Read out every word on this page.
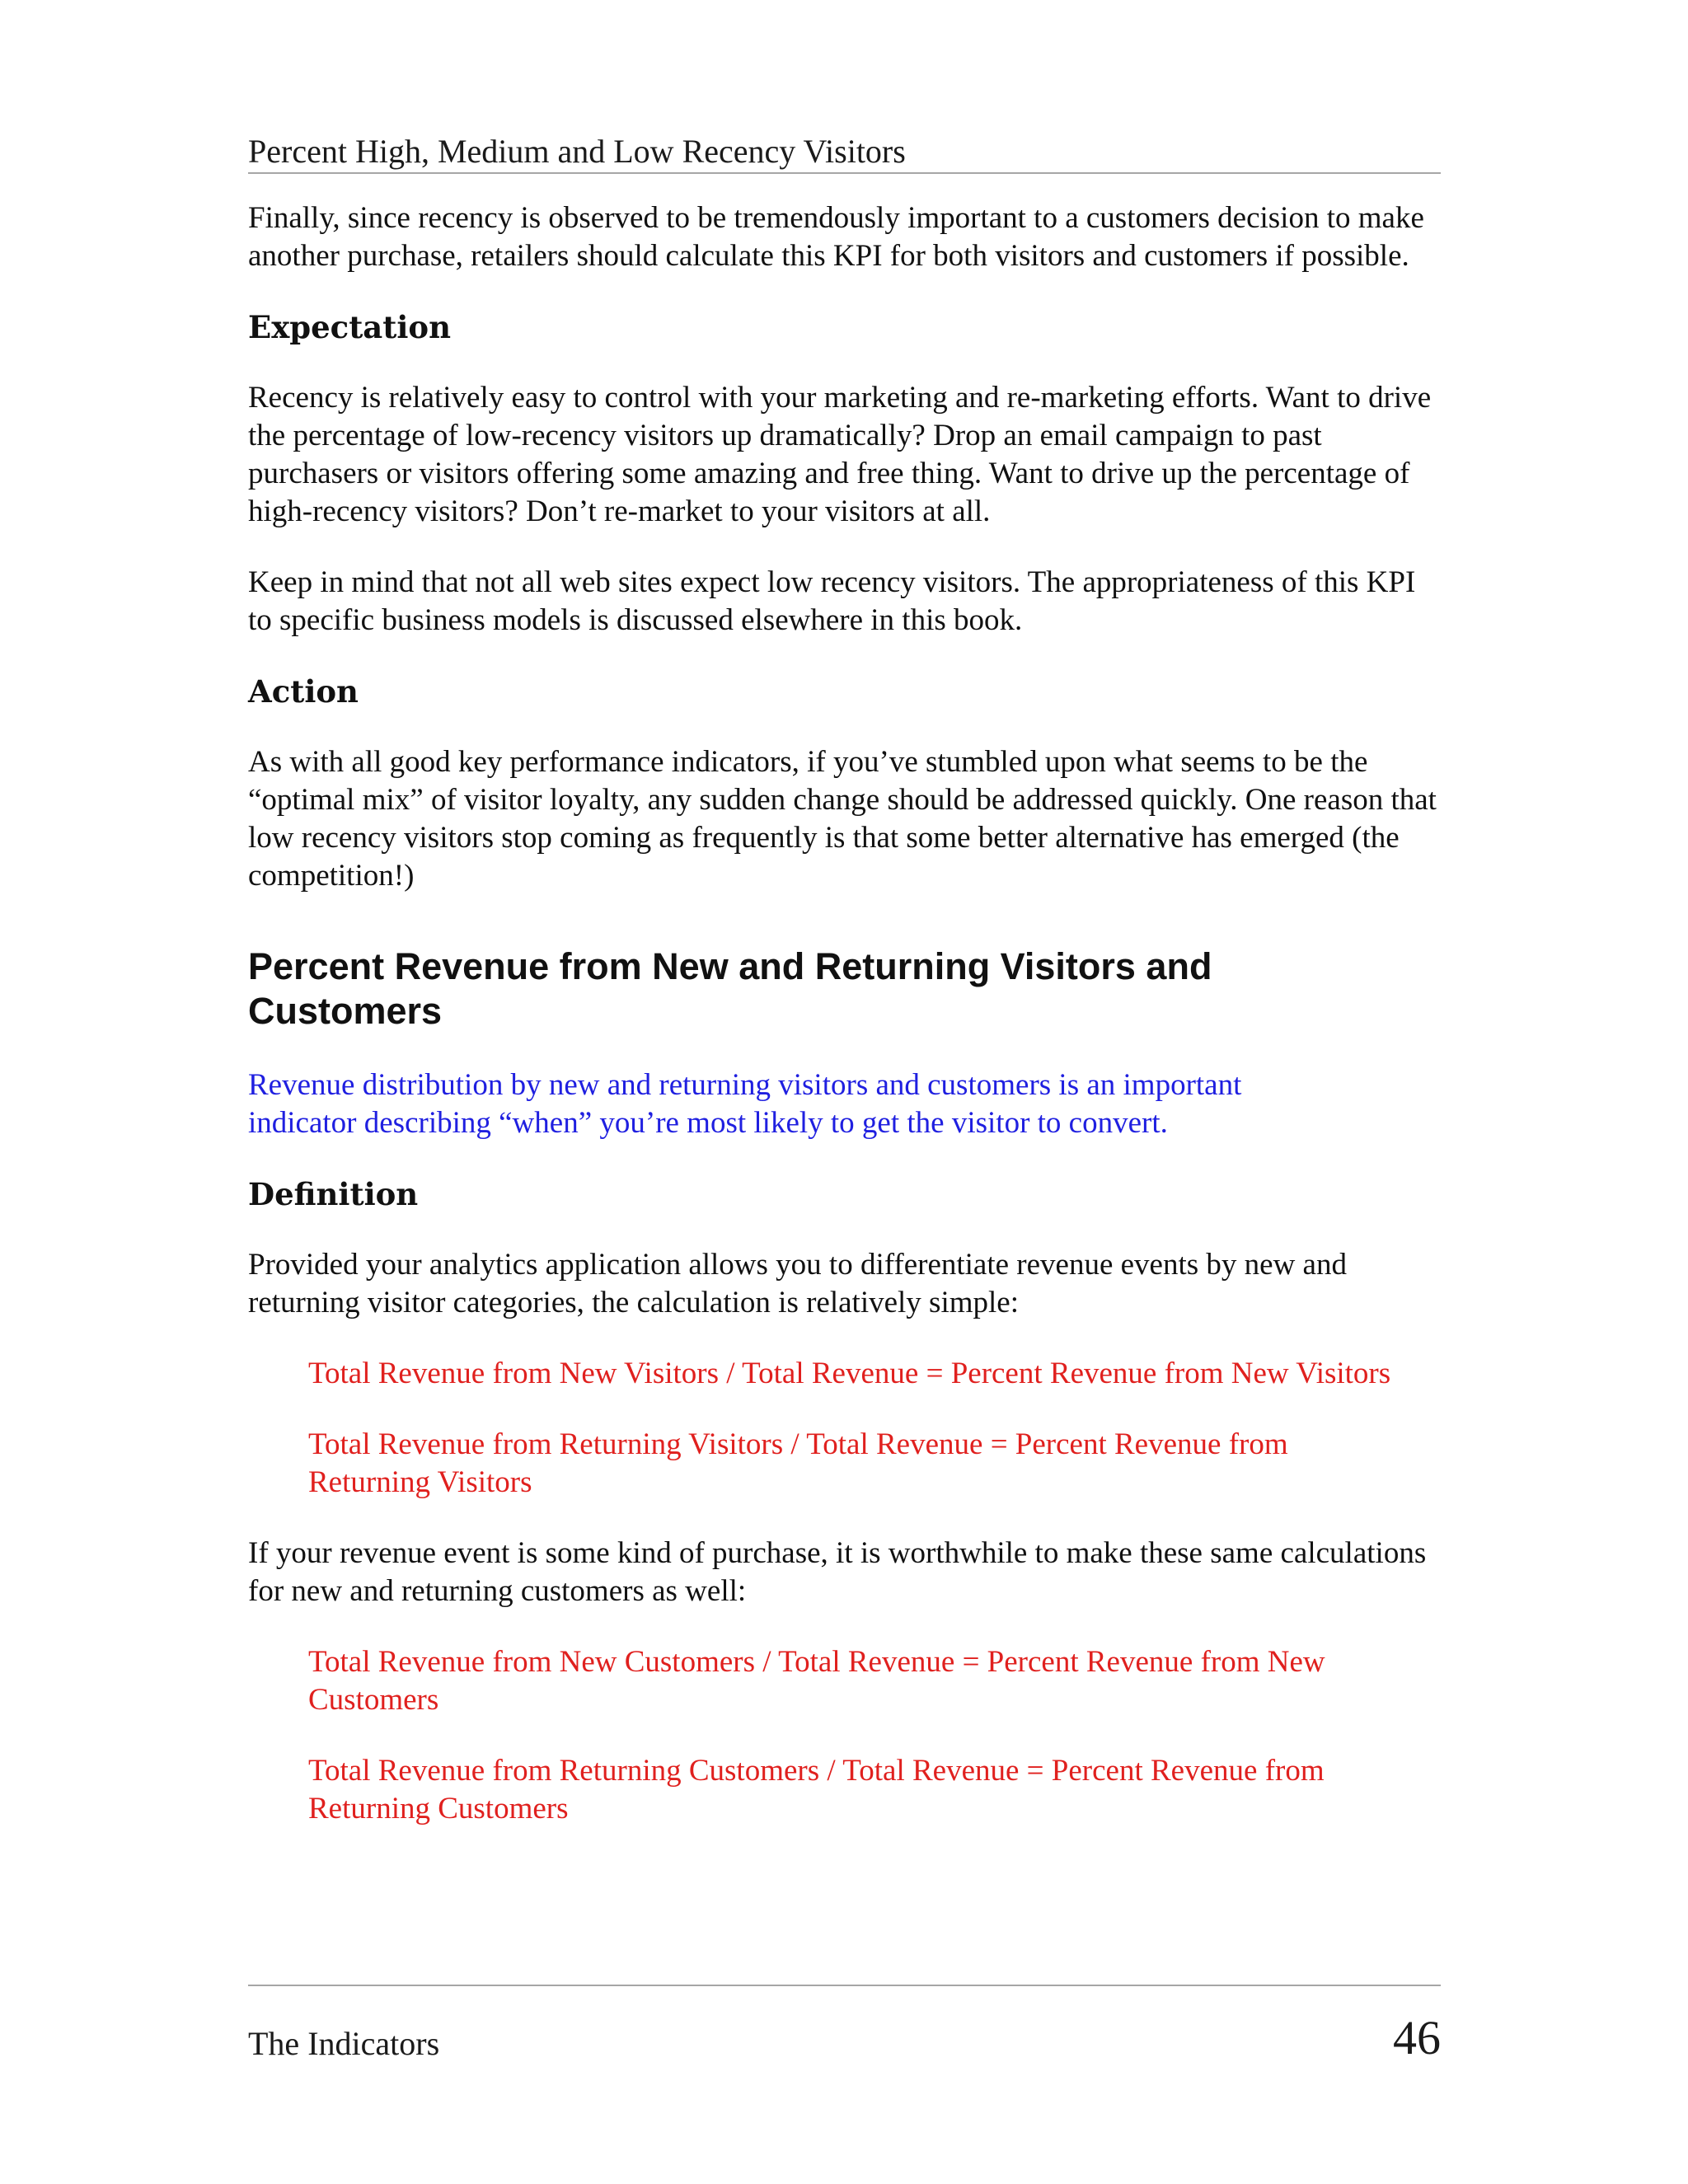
Percent High, Medium and Low Recency Visitors

Finally, since recency is observed to be tremendously important to a customers decision to make another purchase, retailers should calculate this KPI for both visitors and customers if possible.

Expectation

Recency is relatively easy to control with your marketing and re-marketing efforts. Want to drive the percentage of low-recency visitors up dramatically? Drop an email campaign to past purchasers or visitors offering some amazing and free thing. Want to drive up the percentage of high-recency visitors? Don’t re-market to your visitors at all.

Keep in mind that not all web sites expect low recency visitors. The appropriateness of this KPI to specific business models is discussed elsewhere in this book.

Action

As with all good key performance indicators, if you’ve stumbled upon what seems to be the “optimal mix” of visitor loyalty, any sudden change should be addressed quickly. One reason that low recency visitors stop coming as frequently is that some better alternative has emerged (the competition!)

Percent Revenue from New and Returning Visitors and Customers

Revenue distribution by new and returning visitors and customers is an important indicator describing “when” you’re most likely to get the visitor to convert.

Definition

Provided your analytics application allows you to differentiate revenue events by new and returning visitor categories, the calculation is relatively simple:

Total Revenue from New Visitors / Total Revenue = Percent Revenue from New Visitors

Total Revenue from Returning Visitors / Total Revenue = Percent Revenue from Returning Visitors

If your revenue event is some kind of purchase, it is worthwhile to make these same calculations for new and returning customers as well:

Total Revenue from New Customers / Total Revenue = Percent Revenue from New Customers

Total Revenue from Returning Customers / Total Revenue = Percent Revenue from Returning Customers

The Indicators	46
